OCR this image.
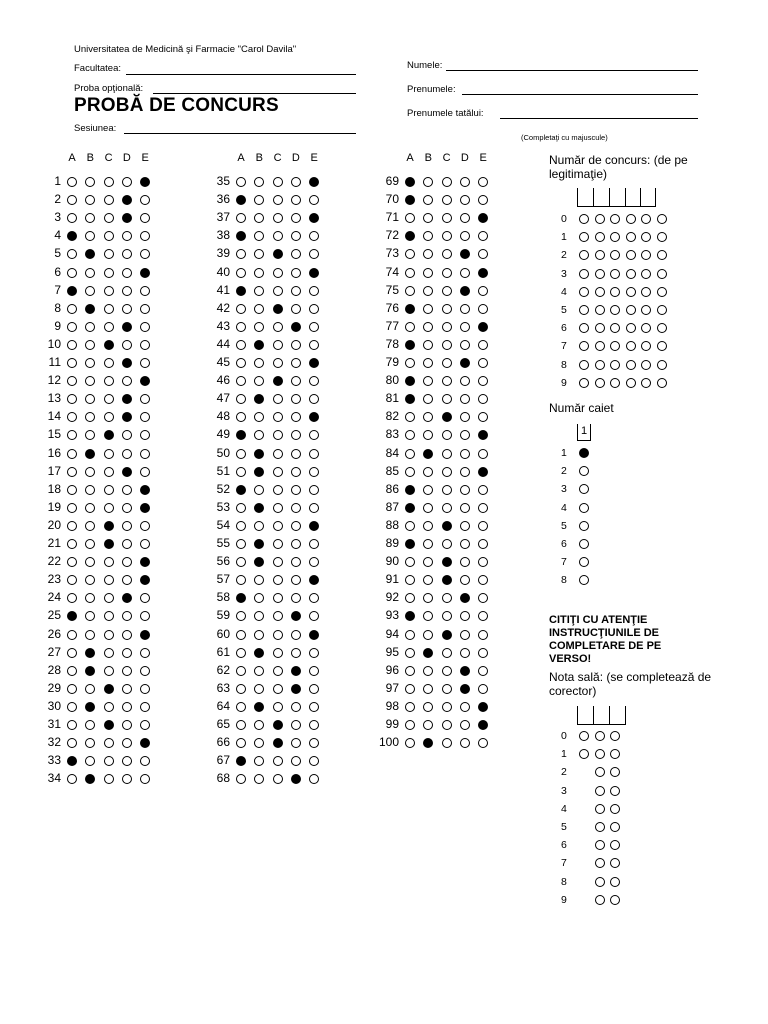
Universitatea de Medicină şi Farmacie "Carol Davila"
Facultatea:
Proba opţională:
PROBĂ DE CONCURS
Sesiunea:
Numele:
Prenumele:
Prenumele tatălui:
(Completaţi cu majuscule)
A B C D E
1
2
3
4
5
6
7
8
9
10
11
12
13
14
15
16
17
18
19
20
21
22
23
24
25
26
27
28
29
30
31
32
33
34
A B C D E
35
36
37
38
39
40
41
42
43
44
45
46
47
48
49
50
51
52
53
54
55
56
57
58
59
60
61
62
63
64
65
66
67
68
A B C D E
69
70
71
72
73
74
75
76
77
78
79
80
81
82
83
84
85
86
87
88
89
90
91
92
93
94
95
96
97
98
99
100
Număr de concurs: (de pe legitimaţie)
0
1
2
3
4
5
6
7
8
9
Număr caiet
1
1
2
3
4
5
6
7
8
CITIŢI CU ATENŢIE INSTRUCŢIUNILE DE COMPLETARE DE PE VERSO!
Nota sală: (se completează de corector)
0
1
2
3
4
5
6
7
8
9
